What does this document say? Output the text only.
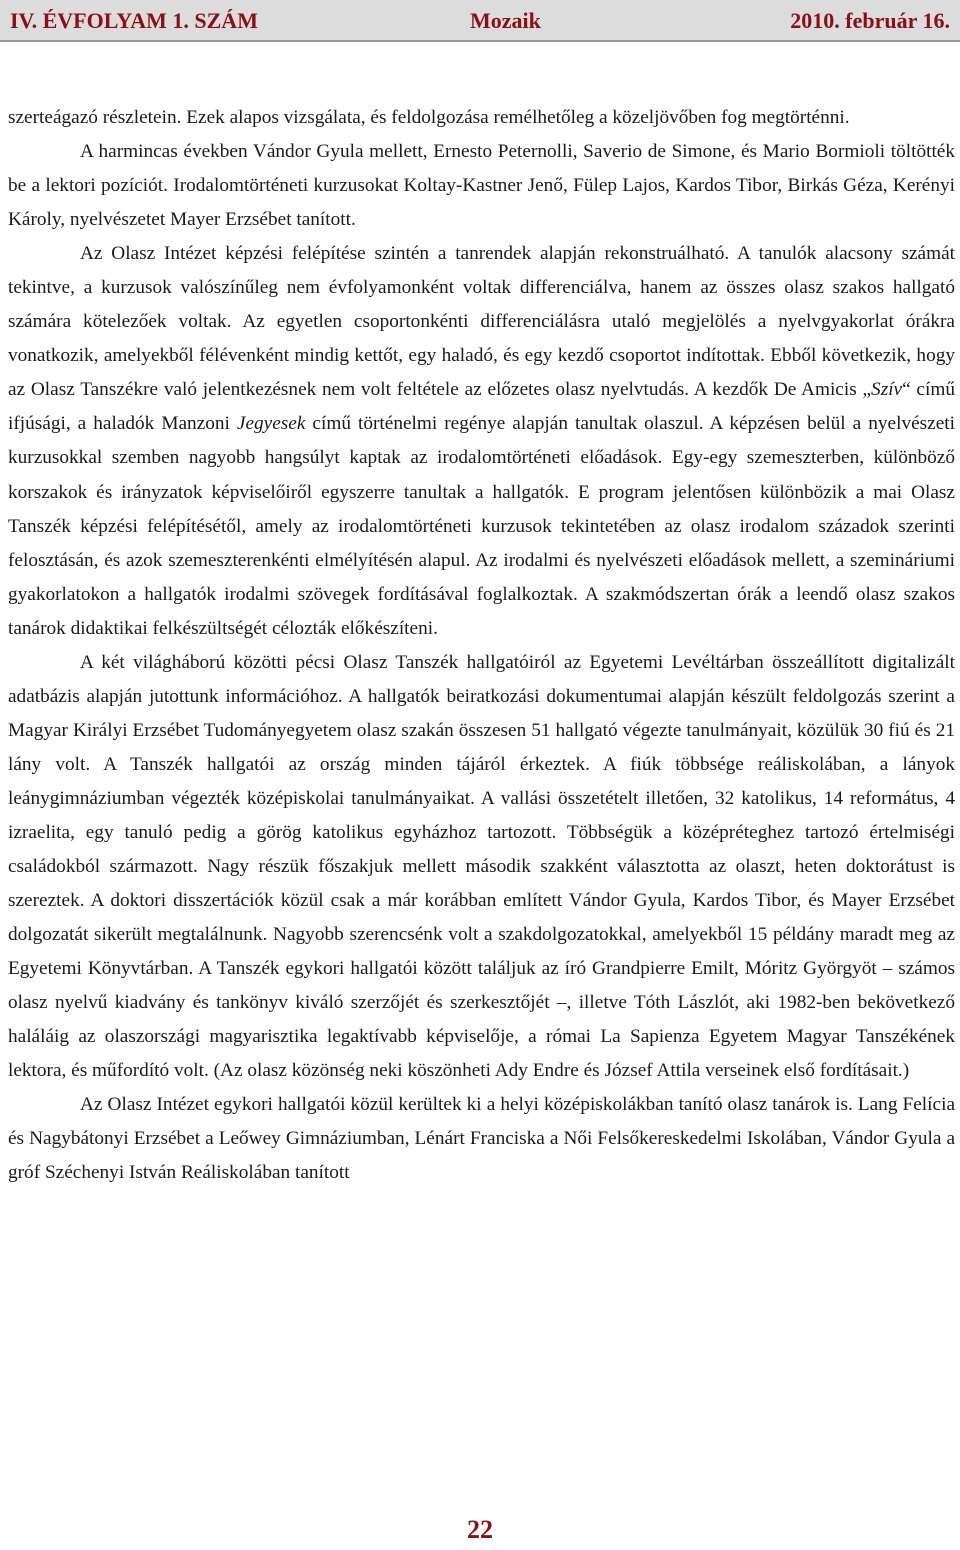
IV. ÉVFOLYAM 1. SZÁM	Mozaik	2010. február 16.

szerteágazó részletein. Ezek alapos vizsgálata, és feldolgozása remélhetőleg a közeljövőben fog megtörténni.

A harmincas években Vándor Gyula mellett, Ernesto Peternolli, Saverio de Simone, és Mario Bormioli töltötték be a lektori pozíciót. Irodalomtörténeti kurzusokat Koltay-Kastner Jenő, Fülep Lajos, Kardos Tibor, Birkás Géza, Kerényi Károly, nyelvészetet Mayer Erzsébet tanított.

Az Olasz Intézet képzési felépítése szintén a tanrendek alapján rekonstruálható. A tanulók alacsony számát tekintve, a kurzusok valószínűleg nem évfolyamonként voltak differenciálva, hanem az összes olasz szakos hallgató számára kötelezőek voltak. Az egyetlen csoportonkénti differenciálásra utaló megjelölés a nyelvgyakorlat órákra vonatkozik, amelyekből félévenként mindig kettőt, egy haladó, és egy kezdő csoportot indítottak. Ebből következik, hogy az Olasz Tanszékre való jelentkezésnek nem volt feltétele az előzetes olasz nyelvtudás. A kezdők De Amicis „Szív“ című ifjúsági, a haladók Manzoni Jegyesek című történelmi regénye alapján tanultak olaszul. A képzésen belül a nyelvészeti kurzusokkal szemben nagyobb hangsúlyt kaptak az irodalomtörténeti előadások. Egy-egy szemeszterben, különböző korszakok és irányzatok képviselőiről egyszerre tanultak a hallgatók. E program jelentősen különbözik a mai Olasz Tanszék képzési felépítésétől, amely az irodalomtörténeti kurzusok tekintetében az olasz irodalom századok szerinti felosztásán, és azok szemeszterenkénti elmélyítésén alapul. Az irodalmi és nyelvészeti előadások mellett, a szemináriumi gyakorlatokon a hallgatók irodalmi szövegek fordításával foglalkoztak. A szakmódszertan órák a leendő olasz szakos tanárok didaktikai felkészültségét célozták előkészíteni.

A két világháború közötti pécsi Olasz Tanszék hallgatóiról az Egyetemi Levéltárban összeállított digitalizált adatbázis alapján jutottunk információhoz. A hallgatók beiratkozási dokumentumai alapján készült feldolgozás szerint a Magyar Királyi Erzsébet Tudományegyetem olasz szakán összesen 51 hallgató végezte tanulmányait, közülük 30 fiú és 21 lány volt. A Tanszék hallgatói az ország minden tájáról érkeztek. A fiúk többsége reáliskolában, a lányok leánygimnáziumban végezték középiskolai tanulmányaikat. A vallási összetételt illetően, 32 katolikus, 14 református, 4 izraelita, egy tanuló pedig a görög katolikus egyházhoz tartozott. Többségük a középréteghez tartozó értelmiségi családokból származott. Nagy részük főszakjuk mellett második szakként választotta az olaszt, heten doktorátust is szereztek. A doktori disszertációk közül csak a már korábban említett Vándor Gyula, Kardos Tibor, és Mayer Erzsébet dolgozatát sikerült megtalálnunk. Nagyobb szerencsénk volt a szakdolgozatokkal, amelyekből 15 példány maradt meg az Egyetemi Könyvtárban. A Tanszék egykori hallgatói között találjuk az író Grandpierre Emilt, Móritz Györgyöt – számos olasz nyelvű kiadvány és tankönyv kiváló szerzőjét és szerkesztőjét –, illetve Tóth Lászlót, aki 1982-ben bekövetkező haláláig az olaszországi magyarisztika legaktívabb képviselője, a római La Sapienza Egyetem Magyar Tanszékének lektora, és műfordító volt. (Az olasz közönség neki köszönheti Ady Endre és József Attila verseinek első fordításait.)

Az Olasz Intézet egykori hallgatói közül kerültek ki a helyi középiskolákban tanító olasz tanárok is. Lang Felícia és Nagybátonyi Erzsébet a Leőwey Gimnáziumban, Lénárt Franciska a Női Felsőkereskedelmi Iskolában, Vándor Gyula a gróf Széchenyi István Reáliskolában tanított

22
